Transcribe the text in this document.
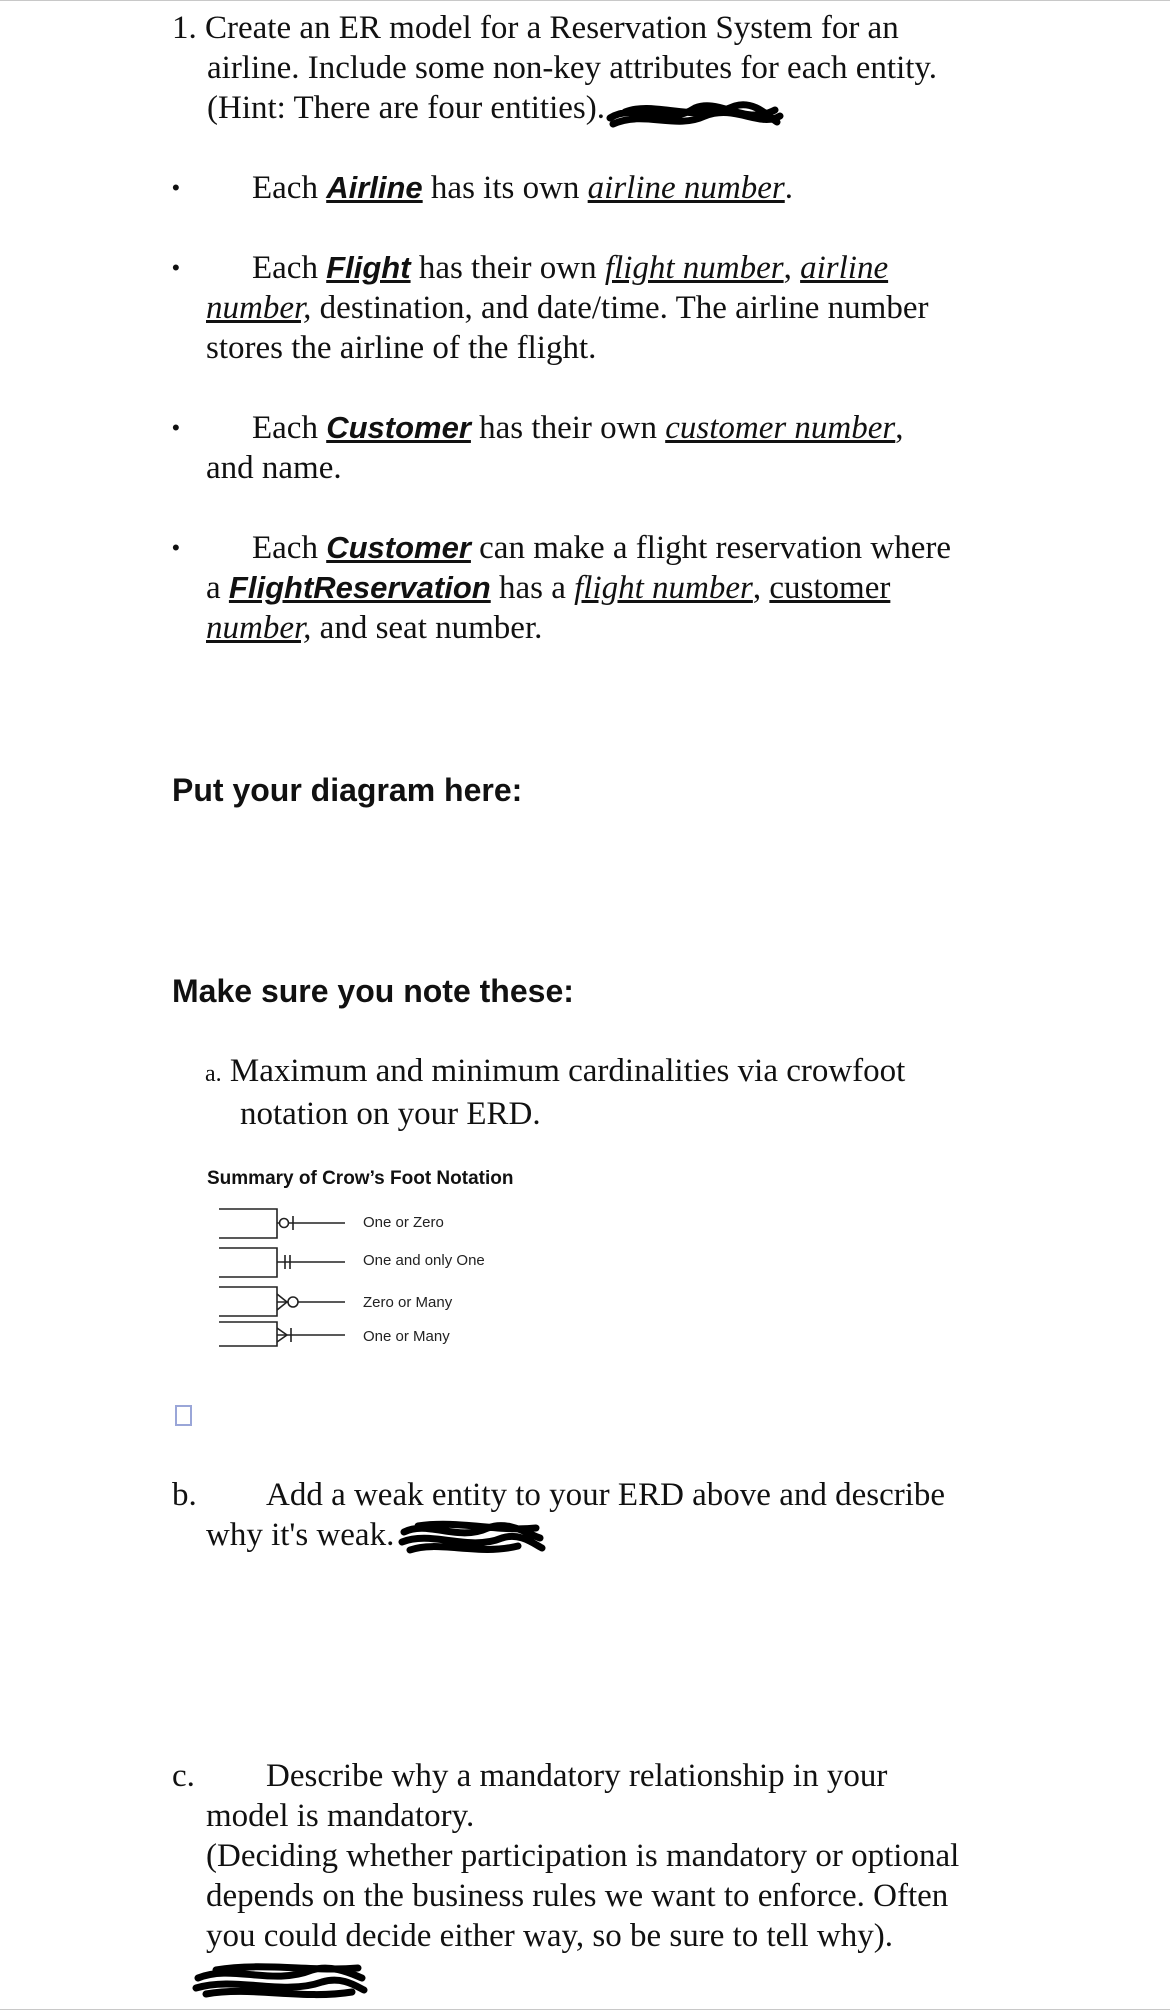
1. Create an ER model for a Reservation System for an
airline. Include some non-key attributes for each entity.
(Hint: There are four entities).
•	Each Airline has its own airline number.
•	Each Flight has their own flight number, airline
number, destination, and date/time. The airline number
stores the airline of the flight.
•	Each Customer has their own customer number,
and name.
•	Each Customer can make a flight reservation where
a FlightReservation has a flight number, customer
number, and seat number.
Put your diagram here:
Make sure you note these:
a. Maximum and minimum cardinalities via crowfoot
notation on your ERD.
Summary of Crow’s Foot Notation
One or Zero
One and only One
Zero or Many
One or Many
b.	Add a weak entity to your ERD above and describe
why it's weak.
c.	Describe why a mandatory relationship in your
model is mandatory.
(Deciding whether participation is mandatory or optional
depends on the business rules we want to enforce. Often
you could decide either way, so be sure to tell why).
